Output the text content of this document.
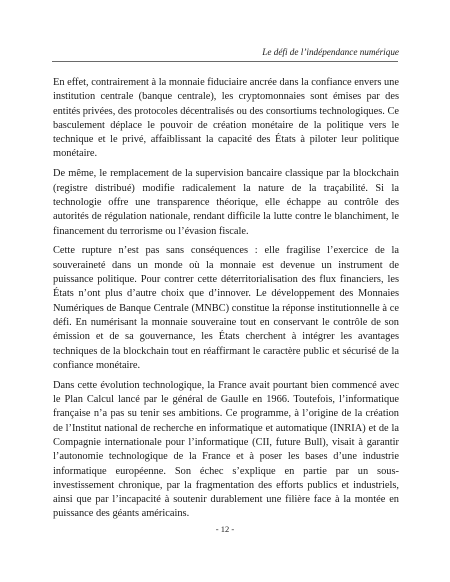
Le défi de l’indépendance numérique

En effet, contrairement à la monnaie fiduciaire ancrée dans la confiance envers une institution centrale (banque centrale), les cryptomonnaies sont émises par des entités privées, des protocoles décentralisés ou des consortiums technologiques. Ce basculement déplace le pouvoir de création monétaire de la politique vers le technique et le privé, affaiblissant la capacité des États à piloter leur politique monétaire.

De même, le remplacement de la supervision bancaire classique par la blockchain (registre distribué) modifie radicalement la nature de la traçabilité. Si la technologie offre une transparence théorique, elle échappe au contrôle des autorités de régulation nationale, rendant difficile la lutte contre le blanchiment, le financement du terrorisme ou l’évasion fiscale.

Cette rupture n’est pas sans conséquences : elle fragilise l’exercice de la souveraineté dans un monde où la monnaie est devenue un instrument de puissance politique. Pour contrer cette déterritorialisation des flux financiers, les États n’ont plus d’autre choix que d’innover. Le développement des Monnaies Numériques de Banque Centrale (MNBC) constitue la réponse institutionnelle à ce défi. En numérisant la monnaie souveraine tout en conservant le contrôle de son émission et de sa gouvernance, les États cherchent à intégrer les avantages techniques de la blockchain tout en réaffirmant le caractère public et sécurisé de la confiance monétaire.

Dans cette évolution technologique, la France avait pourtant bien commencé avec le Plan Calcul lancé par le général de Gaulle en 1966. Toutefois, l’informatique française n’a pas su tenir ses ambitions. Ce programme, à l’origine de la création de l’Institut national de recherche en informatique et automatique (INRIA) et de la Compagnie internationale pour l’informatique (CII, future Bull), visait à garantir l’autonomie technologique de la France et à poser les bases d’une industrie informatique européenne. Son échec s’explique en partie par un sous-investissement chronique, par la fragmentation des efforts publics et industriels, ainsi que par l’incapacité à soutenir durablement une filière face à la montée en puissance des géants américains.

- 12 -
